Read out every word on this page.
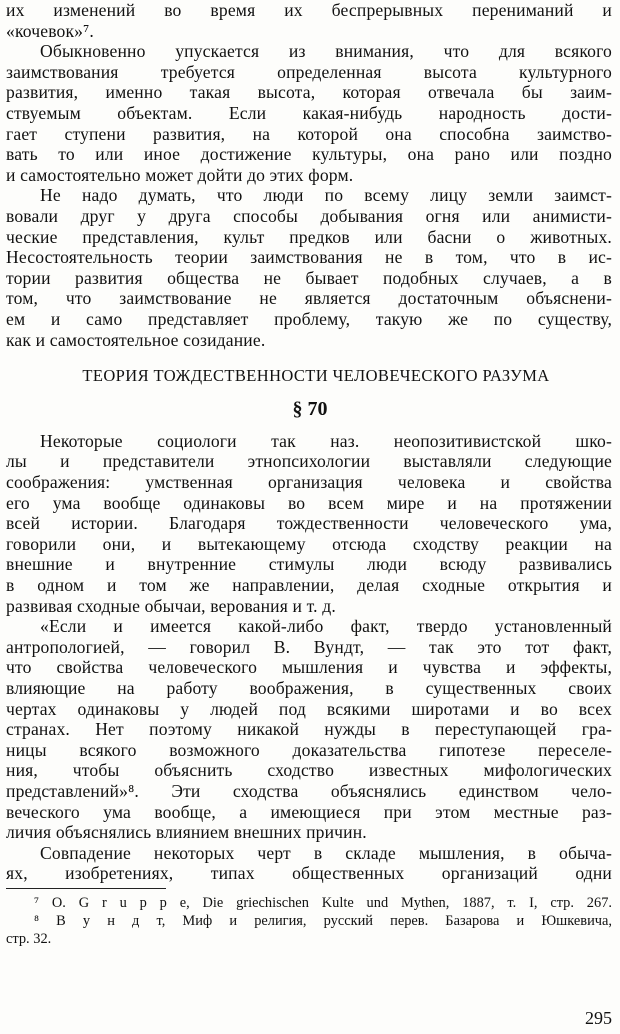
их изменений во время их беспрерывных перениманий и
«кочевок»⁷.
Обыкновенно упускается из внимания, что для всякого
заимствования требуется определенная высота культурного
развития, именно такая высота, которая отвечала бы заим-
ствуемым объектам. Если какая-нибудь народность дости-
гает ступени развития, на которой она способна заимство-
вать то или иное достижение культуры, она рано или поздно
и самостоятельно может дойти до этих форм.
Не надо думать, что люди по всему лицу земли заимст-
вовали друг у друга способы добывания огня или анимисти-
ческие представления, культ предков или басни о животных.
Несостоятельность теории заимствования не в том, что в ис-
тории развития общества не бывает подобных случаев, а в
том, что заимствование не является достаточным объяснени-
ем и само представляет проблему, такую же по существу,
как и самостоятельное созидание.
ТЕОРИЯ ТОЖДЕСТВЕННОСТИ ЧЕЛОВЕЧЕСКОГО РАЗУМА
§ 70
Некоторые социологи так наз. неопозитивистской шко-
лы и представители этнопсихологии выставляли следующие
соображения: умственная организация человека и свойства
его ума вообще одинаковы во всем мире и на протяжении
всей истории. Благодаря тождественности человеческого ума,
говорили они, и вытекающему отсюда сходству реакции на
внешние и внутренние стимулы люди всюду развивались
в одном и том же направлении, делая сходные открытия и
развивая сходные обычаи, верования и т. д.
«Если и имеется какой-либо факт, твердо установленный
антропологией, — говорил В. Вундт, — так это тот факт,
что свойства человеческого мышления и чувства и эффекты,
влияющие на работу воображения, в существенных своих
чертах одинаковы у людей под всякими широтами и во всех
странах. Нет поэтому никакой нужды в переступающей гра-
ницы всякого возможного доказательства гипотезе переселе-
ния, чтобы объяснить сходство известных мифологических
представлений»⁸. Эти сходства объяснялись единством чело-
веческого ума вообще, а имеющиеся при этом местные раз-
личия объяснялись влиянием внешних причин.
295
Совпадение некоторых черт в складе мышления, в обыча-
ях, изобретениях, типах общественных организаций одни
⁷ O. G r u p p e, Die griechischen Kulte und Mythen, 1887, т. I, стр. 267.
⁸ В у н д т, Миф и религия, русский перев. Базарова и Юшкевича,
стр. 32.
